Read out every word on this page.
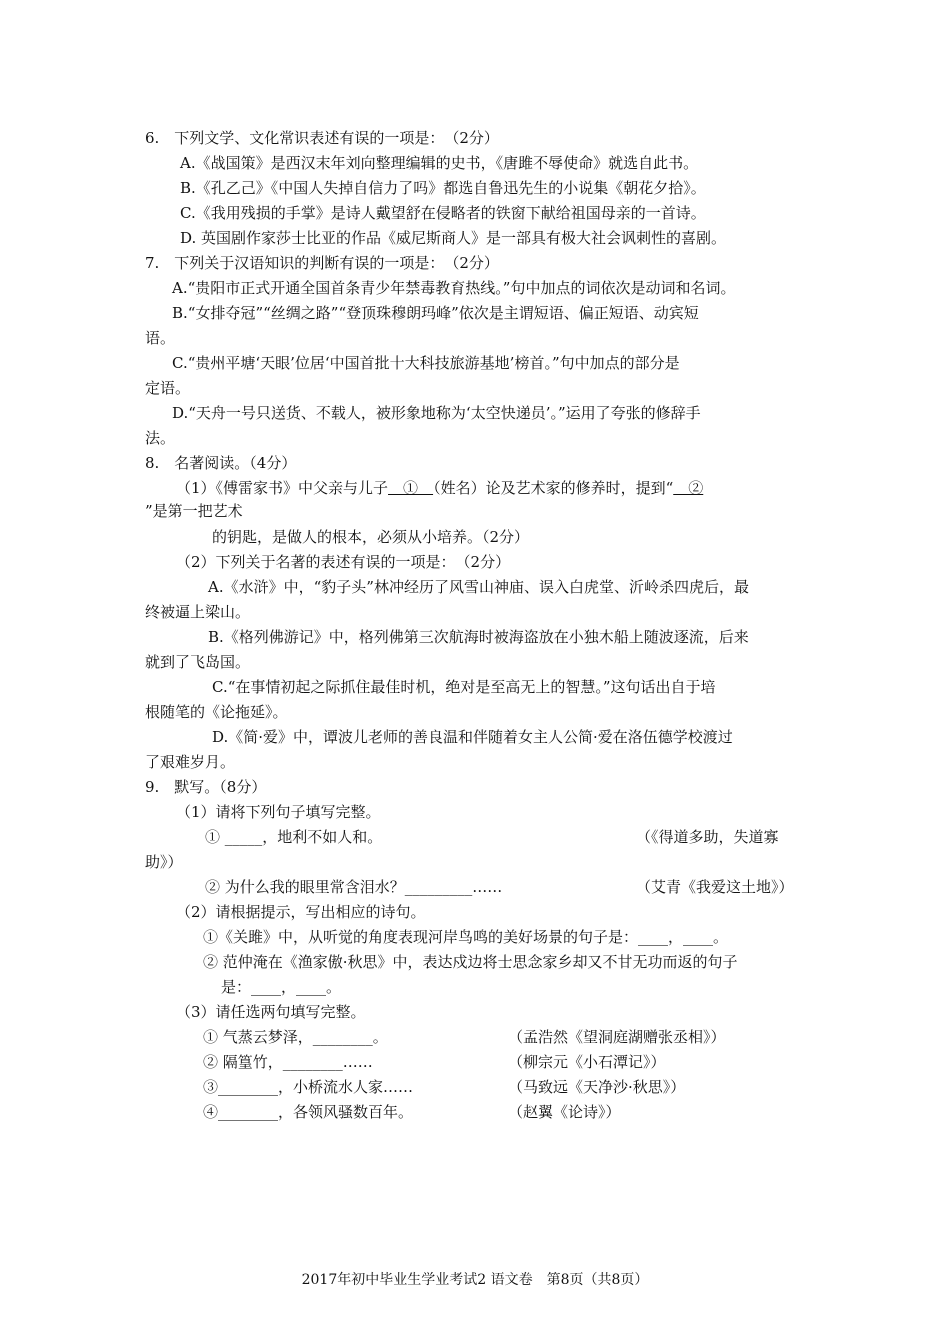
6.　下列文学、文化常识表述有误的一项是：　（2分）
A.《战国策》是西汉末年刘向整理编辑的史书，《唐雎不辱使命》就选自此书。
B.《孔乙己》《中国人失掉自信力了吗》都选自鲁迅先生的小说集《朝花夕拾》。
C.《我用残损的手掌》是诗人戴望舒在侵略者的铁窗下献给祖国母亲的一首诗。
D. 英国剧作家莎士比亚的作品《威尼斯商人》是一部具有极大社会讽刺性的喜剧。
7.　下列关于汉语知识的判断有误的一项是：　（2分）
A.“贵阳市正式开通全国首条青少年禁毒教育热线。”句中加点的词依次是动词和名词。
B.“女排夺冠”“丝绸之路”“登顶珠穆朗玛峰”依次是主谓短语、偏正短语、动宾短
语。
C.“贵州平塘‘天眼’位居‘中国首批十大科技旅游基地’榜首。”句中加点的部分是
定语。
D.“天舟一号只送货、不载人，被形象地称为‘太空快递员’。”运用了夸张的修辞手
法。
8.　名著阅读。（4分）
（1）《傅雷家书》中父亲与儿子　①　（姓名）论及艺术家的修养时，提到“　②
”是第一把艺术
的钥匙，是做人的根本，必须从小培养。（2分）
（2）下列关于名著的表述有误的一项是：　（2分）
A.《水浒》中，“豹子头”林冲经历了风雪山神庙、误入白虎堂、沂岭杀四虎后，最
终被逼上梁山。
B.《格列佛游记》中，格列佛第三次航海时被海盗放在小独木船上随波逐流，后来
就到了飞岛国。
C.“在事情初起之际抓住最佳时机，绝对是至高无上的智慧。”这句话出自于培
根随笔的《论拖延》。
D.《简·爱》中，谭波儿老师的善良温和伴随着女主人公简·爱在洛伍德学校渡过
了艰难岁月。
9.　默写。（8分）
（1）请将下列句子填写完整。
① _____，地利不如人和。	（《得道多助，失道寡
助》）
② 为什么我的眼里常含泪水？_________……	（艾青《我爱这土地》）
（2）请根据提示，写出相应的诗句。
①《关雎》中，从听觉的角度表现河岸鸟鸣的美好场景的句子是：____，____。
② 范仲淹在《渔家傲·秋思》中，表达戍边将士思念家乡却又不甘无功而返的句子
是：____，____。
（3）请任选两句填写完整。
① 气蒸云梦泽，________。	（孟浩然《望洞庭湖赠张丞相》）
② 隔篁竹，________……	（柳宗元《小石潭记》）
③________，小桥流水人家……	（马致远《天净沙·秋思》）
④________，各领风骚数百年。	（赵翼《论诗》）
2017年初中毕业生学业考试2 语文卷　第8页（共8页）
